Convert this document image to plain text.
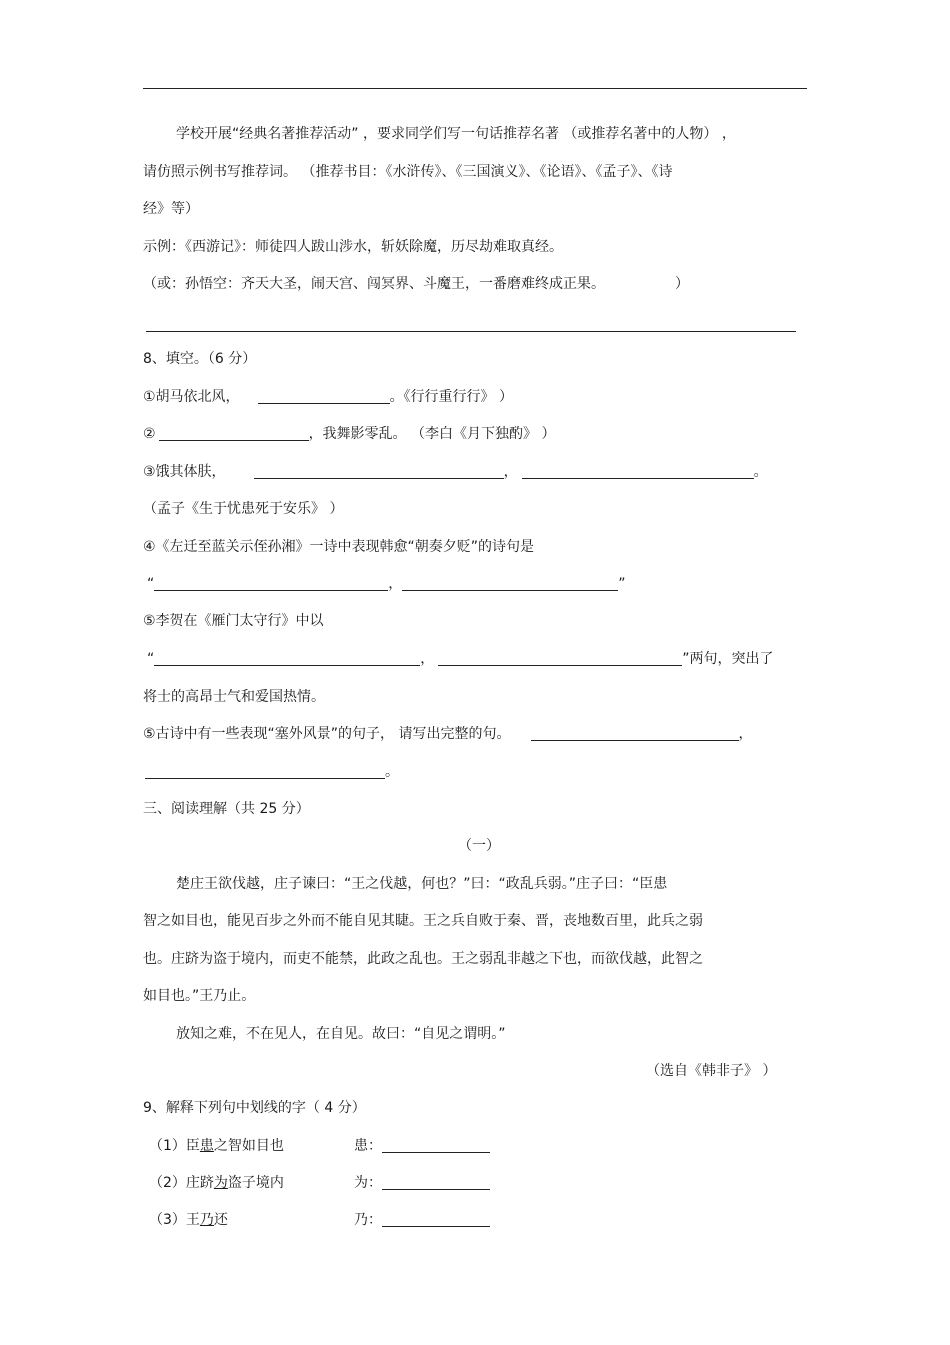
学校开展“经典名著推荐活动” ，要求同学们写一句话推荐名著 （或推荐名著中的人物） ，
请仿照示例书写推荐词。 （推荐书目：《水浒传》、《三国演义》、《论语》、《孟子》、《诗
经》等）
示例：《西游记》：师徒四人跋山涉水，斩妖除魔，历尽劫难取真经。
（或：孙悟空：齐天大圣，闹天宫、闯冥界、斗魔王，一番磨难终成正果。	）
8、填空。（6 分）
①胡马依北风，	。《行行重行行》 ）
②	，我舞影零乱。 （李白《月下独酌》 ）
③饿其体肤，	，	。
（孟子《生于忧患死于安乐》 ）
④《左迁至蓝关示侄孙湘》一诗中表现韩愈“朝奏夕贬”的诗句是
“	，	”
⑤李贺在《雁门太守行》中以
“	，	”两句，突出了
将士的高昂士气和爱国热情。
⑤古诗中有一些表现“塞外风景”的句子， 请写出完整的句。	，
。
三、阅读理解（共 25 分）
（一）
楚庄王欲伐越，庄子谏曰：“王之伐越，何也？”曰：“政乱兵弱。”庄子曰：“臣患
智之如目也，能见百步之外而不能自见其睫。王之兵自败于秦、晋，丧地数百里，此兵之弱
也。庄跻为盗于境内，而吏不能禁，此政之乱也。王之弱乱非越之下也，而欲伐越，此智之
如目也。”王乃止。
放知之难，不在见人，在自见。故曰：“自见之谓明。”
（选自《韩非子》 ）
9、解释下列句中划线的字（ 4 分）
（1）臣患之智如目也	患：
（2）庄跻为盗子境内	为：
（3）王乃还	乃：
